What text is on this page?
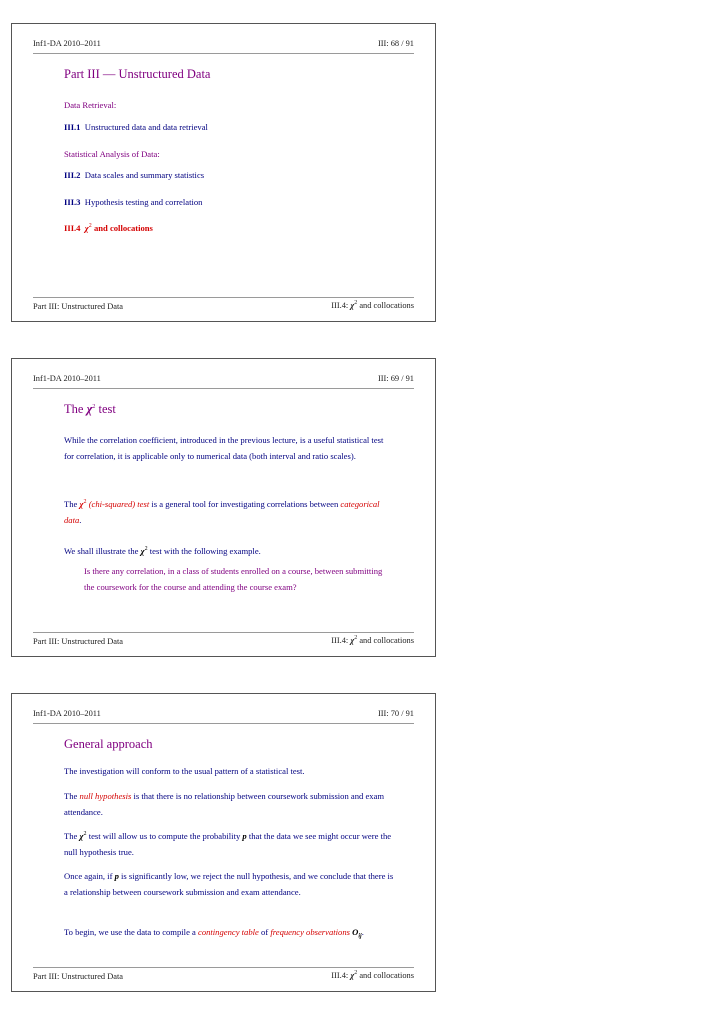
Inf1-DA 2010–2011	III: 68 / 91
Part III — Unstructured Data
Data Retrieval:
III.1 Unstructured data and data retrieval
Statistical Analysis of Data:
III.2 Data scales and summary statistics
III.3 Hypothesis testing and correlation
III.4 $\chi^2$ and collocations
Part III: Unstructured Data	III.4: $\chi^2$ and collocations
Inf1-DA 2010–2011	III: 69 / 91
The $\chi^2$ test
While the correlation coefficient, introduced in the previous lecture, is a useful statistical test for correlation, it is applicable only to numerical data (both interval and ratio scales).
The $\chi^2$ (chi-squared) test is a general tool for investigating correlations between categorical data.
We shall illustrate the $\chi^2$ test with the following example.
Is there any correlation, in a class of students enrolled on a course, between submitting the coursework for the course and attending the course exam?
Part III: Unstructured Data	III.4: $\chi^2$ and collocations
Inf1-DA 2010–2011	III: 70 / 91
General approach
The investigation will conform to the usual pattern of a statistical test.
The null hypothesis is that there is no relationship between coursework submission and exam attendance.
The $\chi^2$ test will allow us to compute the probability p that the data we see might occur were the null hypothesis true.
Once again, if p is significantly low, we reject the null hypothesis, and we conclude that there is a relationship between coursework submission and exam attendance.
To begin, we use the data to compile a contingency table of frequency observations $O_{ij}$.
Part III: Unstructured Data	III.4: $\chi^2$ and collocations
